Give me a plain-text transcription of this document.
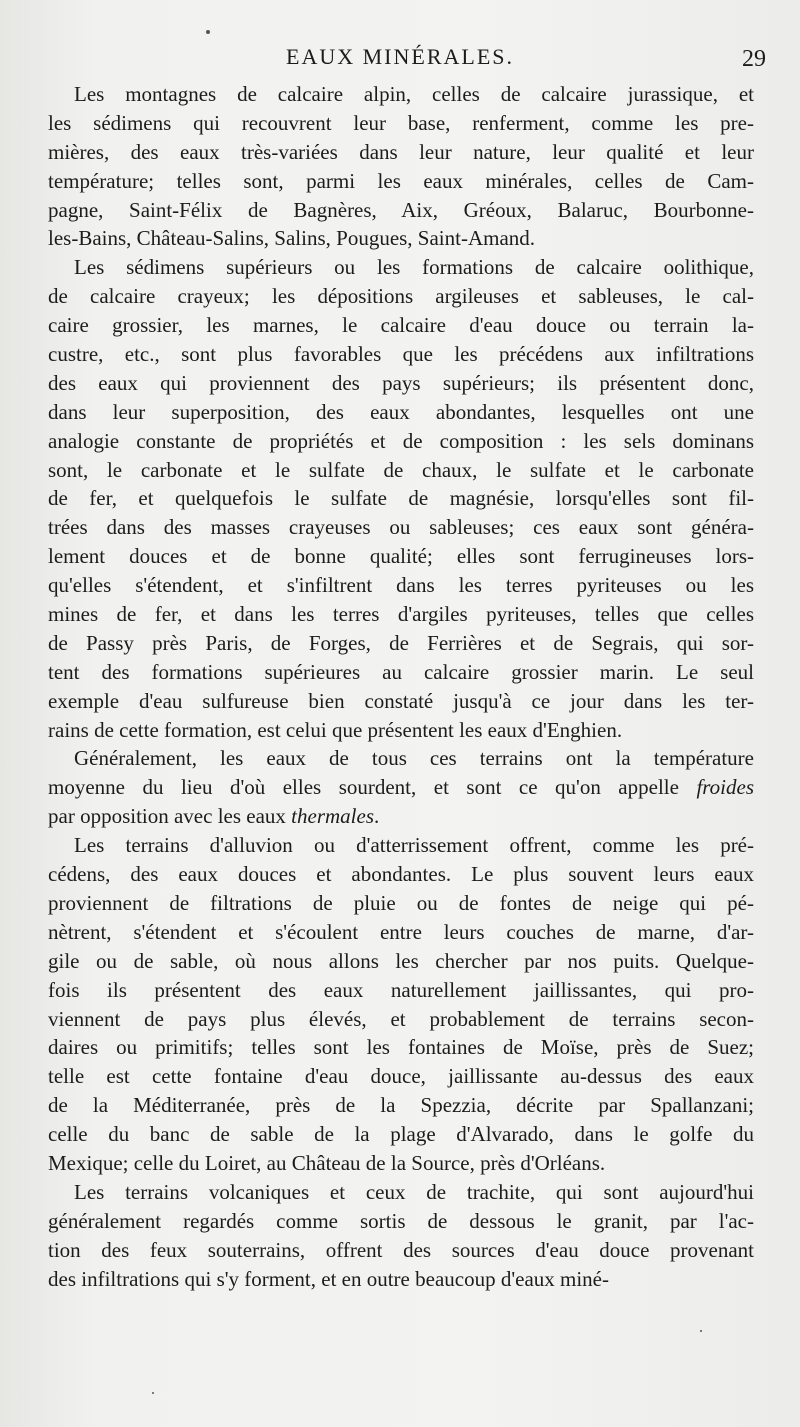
EAUX MINÉRALES.	29
Les montagnes de calcaire alpin, celles de calcaire jurassique, et
les sédimens qui recouvrent leur base, renferment, comme les pre-
mières, des eaux très-variées dans leur nature, leur qualité et leur
température; telles sont, parmi les eaux minérales, celles de Cam-
pagne, Saint-Félix de Bagnères, Aix, Gréoux, Balaruc, Bourbonne-
les-Bains, Château-Salins, Salins, Pougues, Saint-Amand.
Les sédimens supérieurs ou les formations de calcaire oolithique,
de calcaire crayeux; les dépositions argileuses et sableuses, le cal-
caire grossier, les marnes, le calcaire d'eau douce ou terrain la-
custre, etc., sont plus favorables que les précédens aux infiltrations
des eaux qui proviennent des pays supérieurs; ils présentent donc,
dans leur superposition, des eaux abondantes, lesquelles ont une
analogie constante de propriétés et de composition : les sels dominans
sont, le carbonate et le sulfate de chaux, le sulfate et le carbonate
de fer, et quelquefois le sulfate de magnésie, lorsqu'elles sont fil-
trées dans des masses crayeuses ou sableuses; ces eaux sont généra-
lement douces et de bonne qualité; elles sont ferrugineuses lors-
qu'elles s'étendent, et s'infiltrent dans les terres pyriteuses ou les
mines de fer, et dans les terres d'argiles pyriteuses, telles que celles
de Passy près Paris, de Forges, de Ferrières et de Segrais, qui sor-
tent des formations supérieures au calcaire grossier marin. Le seul
exemple d'eau sulfureuse bien constaté jusqu'à ce jour dans les ter-
rains de cette formation, est celui que présentent les eaux d'Enghien.
Généralement, les eaux de tous ces terrains ont la température
moyenne du lieu d'où elles sourdent, et sont ce qu'on appelle froides
par opposition avec les eaux thermales.
Les terrains d'alluvion ou d'atterrissement offrent, comme les pré-
cédens, des eaux douces et abondantes. Le plus souvent leurs eaux
proviennent de filtrations de pluie ou de fontes de neige qui pé-
nètrent, s'étendent et s'écoulent entre leurs couches de marne, d'ar-
gile ou de sable, où nous allons les chercher par nos puits. Quelque-
fois ils présentent des eaux naturellement jaillissantes, qui pro-
viennent de pays plus élevés, et probablement de terrains secon-
daires ou primitifs; telles sont les fontaines de Moïse, près de Suez;
telle est cette fontaine d'eau douce, jaillissante au-dessus des eaux
de la Méditerranée, près de la Spezzia, décrite par Spallanzani;
celle du banc de sable de la plage d'Alvarado, dans le golfe du
Mexique; celle du Loiret, au Château de la Source, près d'Orléans.
Les terrains volcaniques et ceux de trachite, qui sont aujourd'hui
généralement regardés comme sortis de dessous le granit, par l'ac-
tion des feux souterrains, offrent des sources d'eau douce provenant
des infiltrations qui s'y forment, et en outre beaucoup d'eaux miné-
